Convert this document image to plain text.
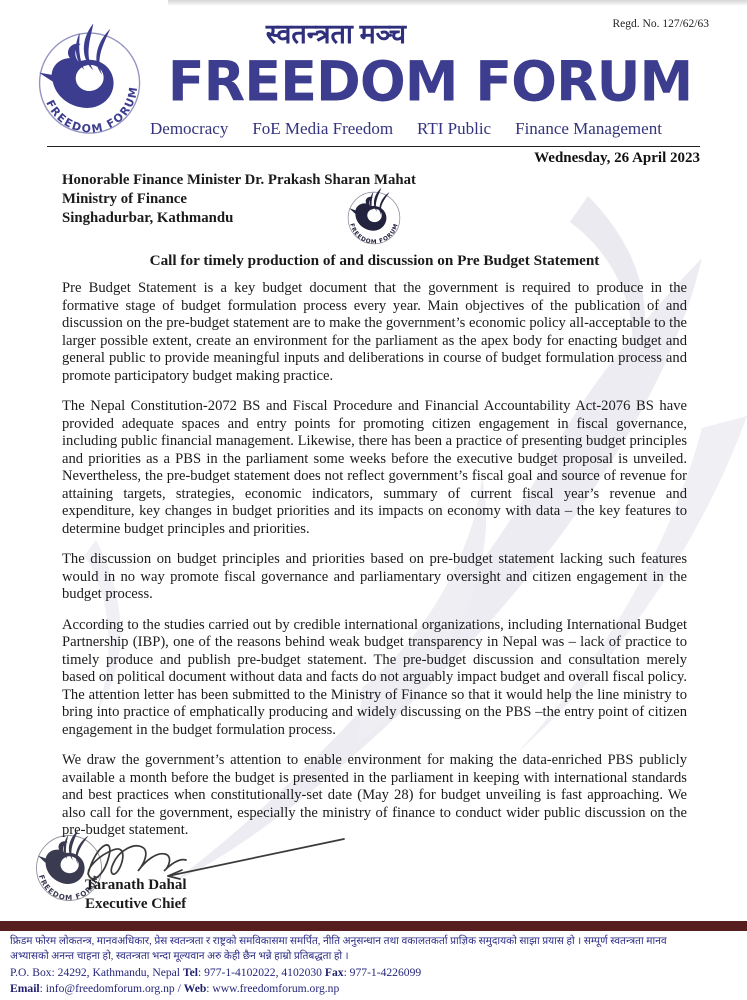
Regd. No. 127/62/63
स्वतन्त्रता मञ्च
FREEDOM FORUM
Democracy FoE Media Freedom RTI Public Finance Management
Wednesday, 26 April 2023
Honorable Finance Minister Dr. Prakash Sharan Mahat
Ministry of Finance
Singhadurbar, Kathmandu
Call for timely production of and discussion on Pre Budget Statement

Pre Budget Statement is a key budget document that the government is required to produce in the formative stage of budget formulation process every year. Main objectives of the publication of and discussion on the pre-budget statement are to make the government’s economic policy all-acceptable to the larger possible extent, create an environment for the parliament as the apex body for enacting budget and general public to provide meaningful inputs and deliberations in course of budget formulation process and promote participatory budget making practice.

The Nepal Constitution-2072 BS and Fiscal Procedure and Financial Accountability Act-2076 BS have provided adequate spaces and entry points for promoting citizen engagement in fiscal governance, including public financial management. Likewise, there has been a practice of presenting budget principles and priorities as a PBS in the parliament some weeks before the executive budget proposal is unveiled. Nevertheless, the pre-budget statement does not reflect government’s fiscal goal and source of revenue for attaining targets, strategies, economic indicators, summary of current fiscal year’s revenue and expenditure, key changes in budget priorities and its impacts on economy with data – the key features to determine budget principles and priorities.

The discussion on budget principles and priorities based on pre-budget statement lacking such features would in no way promote fiscal governance and parliamentary oversight and citizen engagement in the budget process.

According to the studies carried out by credible international organizations, including International Budget Partnership (IBP), one of the reasons behind weak budget transparency in Nepal was – lack of practice to timely produce and publish pre-budget statement. The pre-budget discussion and consultation merely based on political document without data and facts do not arguably impact budget and overall fiscal policy. The attention letter has been submitted to the Ministry of Finance so that it would help the line ministry to bring into practice of emphatically producing and widely discussing on the PBS –the entry point of citizen engagement in the budget formulation process.

We draw the government’s attention to enable environment for making the data-enriched PBS publicly available a month before the budget is presented in the parliament in keeping with international standards and best practices when constitutionally-set date (May 28) for budget unveiling is fast approaching. We also call for the government, especially the ministry of finance to conduct wider public discussion on the pre-budget statement.

Taranath Dahal
Executive Chief
फ्रिडम फोरम लोकतन्त्र, मानवअधिकार, प्रेस स्वतन्त्रता र राष्ट्रको समविकासमा समर्पित, नीति अनुसन्धान तथा वकालतकर्ता प्राज्ञिक समुदायको साझा प्रयास हो । सम्पूर्ण स्वतन्त्रता मानव
अभ्यासको अनन्त चाहना हो, स्वतन्त्रता भन्दा मूल्यवान अरु केही छैन भन्ने हाम्रो प्रतिबद्धता हो ।
P.O. Box: 24292, Kathmandu, Nepal Tel: 977-1-4102022, 4102030 Fax: 977-1-4226099
Email: info@freedomforum.org.np / Web: www.freedomforum.org.np
